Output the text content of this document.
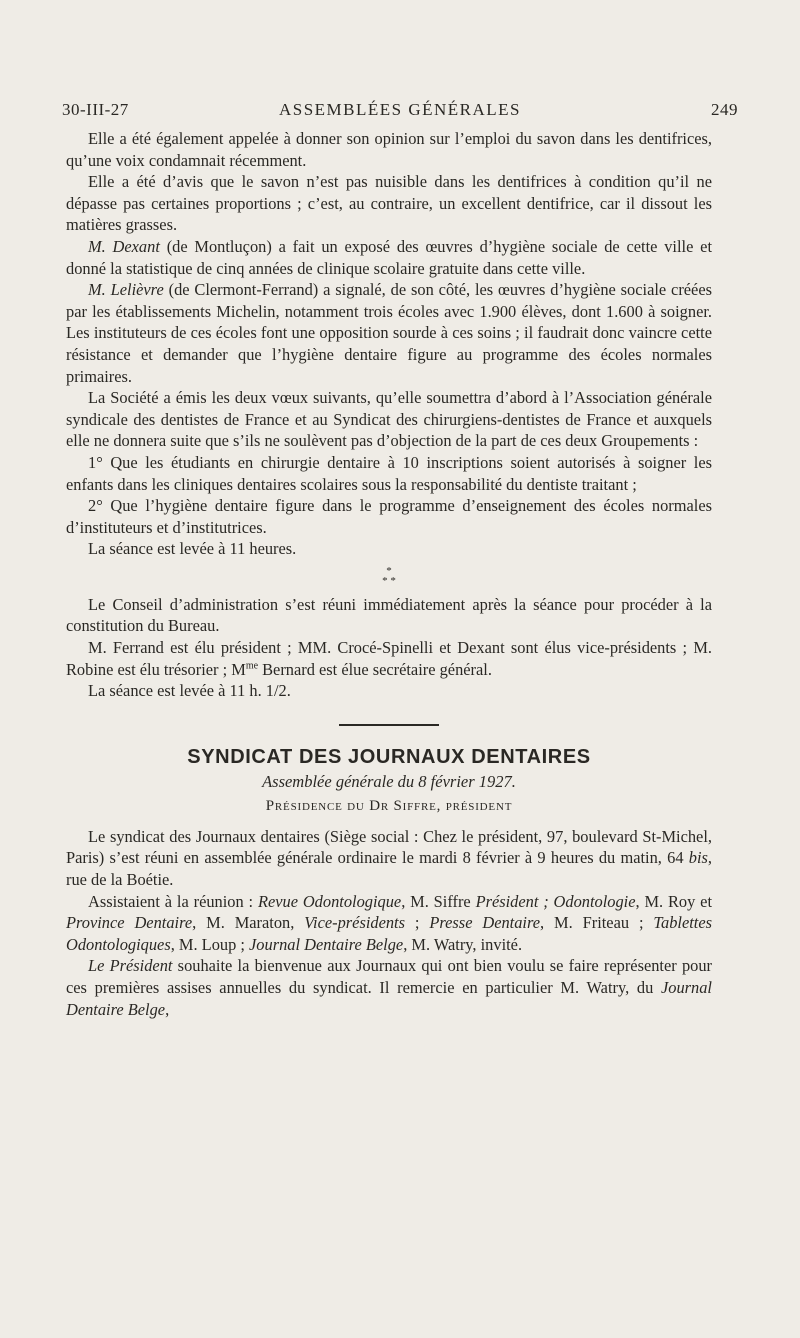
30-III-27	ASSEMBLÉES GÉNÉRALES	249

Elle a été également appelée à donner son opinion sur l’emploi du savon dans les dentifrices, qu’une voix condamnait récemment.

Elle a été d’avis que le savon n’est pas nuisible dans les dentifrices à condition qu’il ne dépasse pas certaines proportions ; c’est, au contraire, un excellent dentifrice, car il dissout les matières grasses.

M. Dexant (de Montluçon) a fait un exposé des œuvres d’hygiène sociale de cette ville et donné la statistique de cinq années de clinique scolaire gratuite dans cette ville.

M. Lelièvre (de Clermont-Ferrand) a signalé, de son côté, les œuvres d’hygiène sociale créées par les établissements Michelin, notamment trois écoles avec 1.900 élèves, dont 1.600 à soigner. Les instituteurs de ces écoles font une opposition sourde à ces soins ; il faudrait donc vaincre cette résistance et demander que l’hygiène dentaire figure au programme des écoles normales primaires.

La Société a émis les deux vœux suivants, qu’elle soumettra d’abord à l’Association générale syndicale des dentistes de France et au Syndicat des chirurgiens-dentistes de France et auxquels elle ne donnera suite que s’ils ne soulèvent pas d’objection de la part de ces deux Groupements :

1° Que les étudiants en chirurgie dentaire à 10 inscriptions soient autorisés à soigner les enfants dans les cliniques dentaires scolaires sous la responsabilité du dentiste traitant ;

2° Que l’hygiène dentaire figure dans le programme d’enseignement des écoles normales d’instituteurs et d’institutrices.

La séance est levée à 11 heures.

*
* *

Le Conseil d’administration s’est réuni immédiatement après la séance pour procéder à la constitution du Bureau.

M. Ferrand est élu président ; MM. Crocé-Spinelli et Dexant sont élus vice-présidents ; M. Robine est élu trésorier ; $M^{me}$ Bernard est élue secrétaire général.

La séance est levée à 11 h. 1/2.

SYNDICAT DES JOURNAUX DENTAIRES
Assemblée générale du 8 février 1927.
Présidence du Dr Siffre, président

Le syndicat des Journaux dentaires (Siège social : Chez le président, 97, boulevard St-Michel, Paris) s’est réuni en assemblée générale ordinaire le mardi 8 février à 9 heures du matin, 64 bis, rue de la Boétie.

Assistaient à la réunion : Revue Odontologique, M. Siffre Président ; Odontologie, M. Roy et Province Dentaire, M. Maraton, Vice-présidents ; Presse Dentaire, M. Friteau ; Tablettes Odontologiques, M. Loup ; Journal Dentaire Belge, M. Watry, invité.

Le Président souhaite la bienvenue aux Journaux qui ont bien voulu se faire représenter pour ces premières assises annuelles du syndicat. Il remercie en particulier M. Watry, du Journal Dentaire Belge,
